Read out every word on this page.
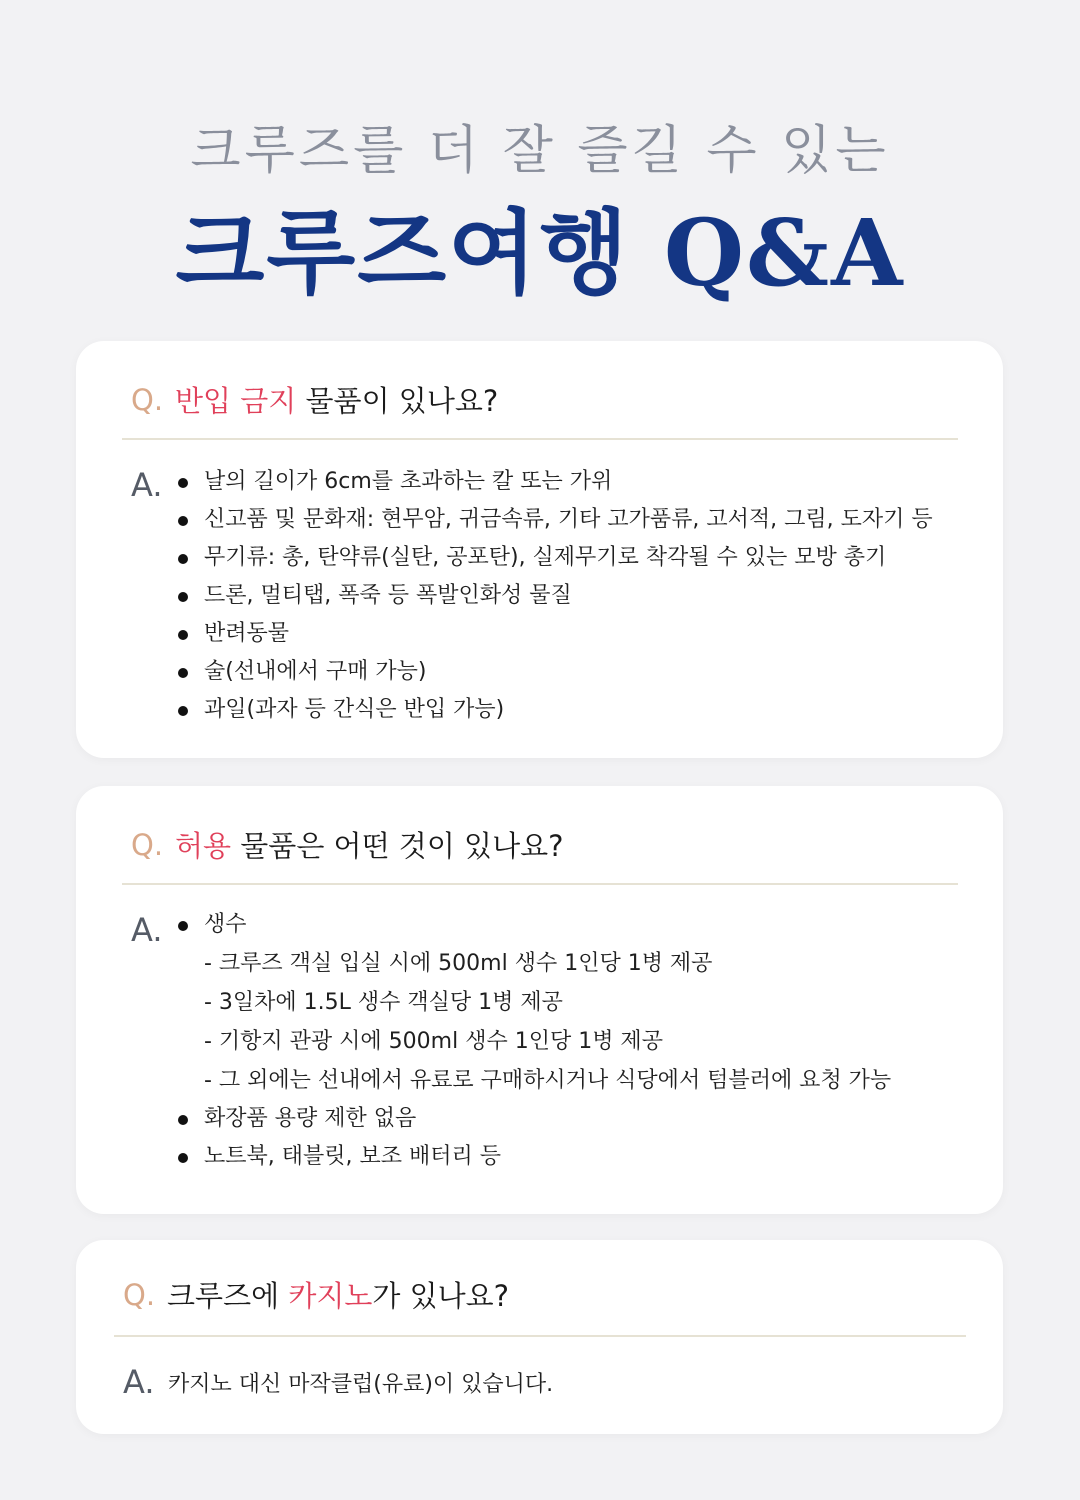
크루즈를 더 잘 즐길 수 있는
크루즈여행 Q&A
Q. 반입 금지 물품이 있나요?
A.	날의 길이가 6cm를 초과하는 칼 또는 가위
신고품 및 문화재: 현무암, 귀금속류, 기타 고가품류, 고서적, 그림, 도자기 등
무기류: 총, 탄약류(실탄, 공포탄), 실제무기로 착각될 수 있는 모방 총기
드론, 멀티탭, 폭죽 등 폭발인화성 물질
반려동물
술(선내에서 구매 가능)
과일(과자 등 간식은 반입 가능)
Q. 허용 물품은 어떤 것이 있나요?
A.	생수
- 크루즈 객실 입실 시에 500ml 생수 1인당 1병 제공
- 3일차에 1.5L 생수 객실당 1병 제공
- 기항지 관광 시에 500ml 생수 1인당 1병 제공
- 그 외에는 선내에서 유료로 구매하시거나 식당에서 텀블러에 요청 가능
화장품 용량 제한 없음
노트북, 태블릿, 보조 배터리 등
Q. 크루즈에 카지노 가 있나요?
A. 카지노 대신 마작클럽(유료)이 있습니다.
